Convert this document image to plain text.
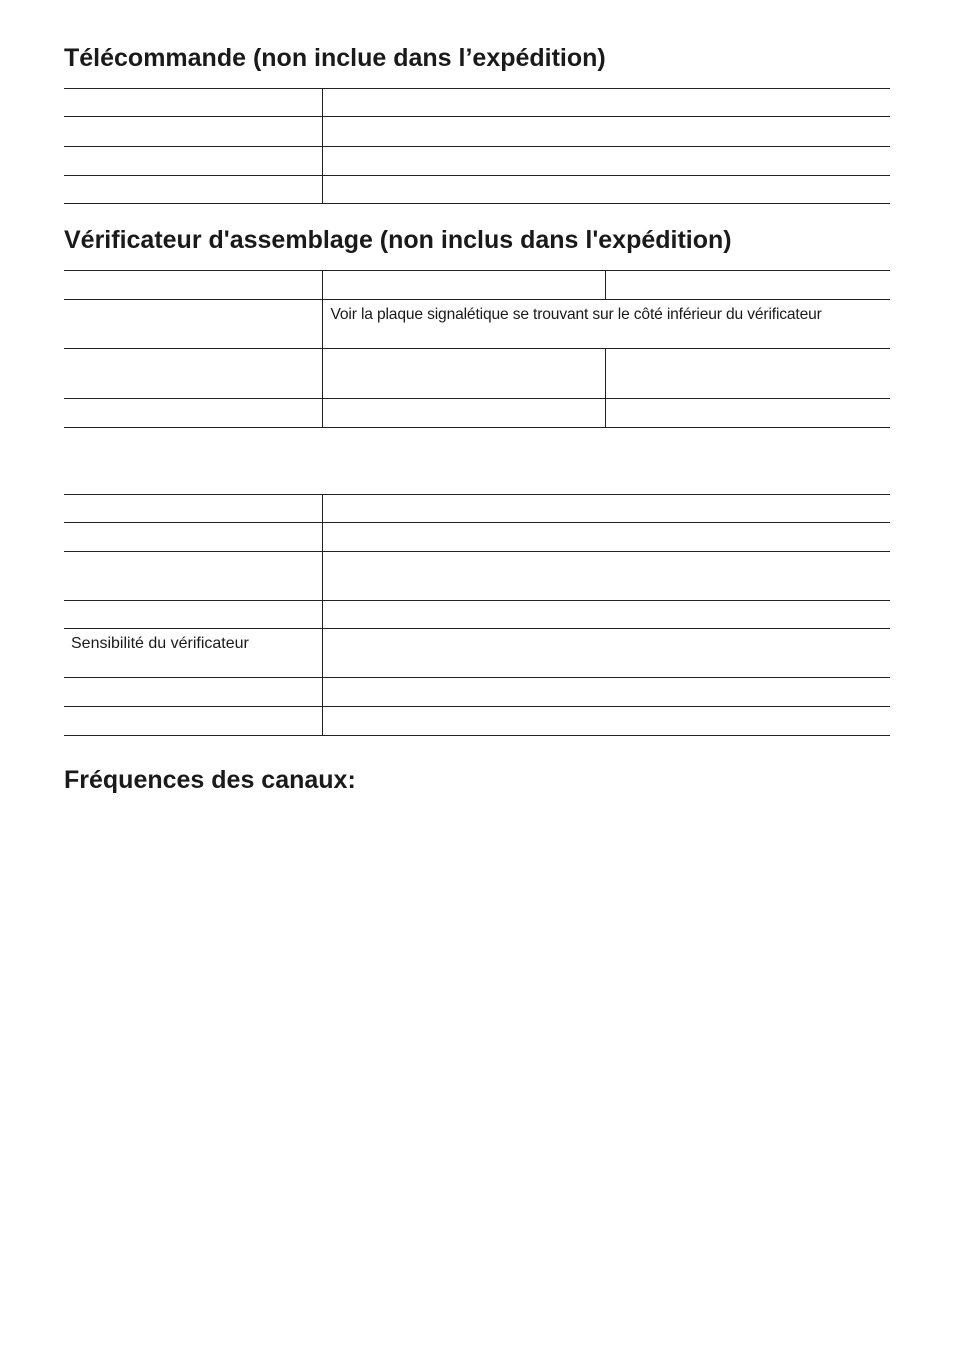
Télécommande (non inclue dans l’expédition)

Vérificateur d'assemblage (non inclus dans l'expédition)

	Voir la plaque signalétique se trouvant sur le côté inférieur du vérificateur	

Sensibilité du vérificateur	

Fréquences des canaux:
